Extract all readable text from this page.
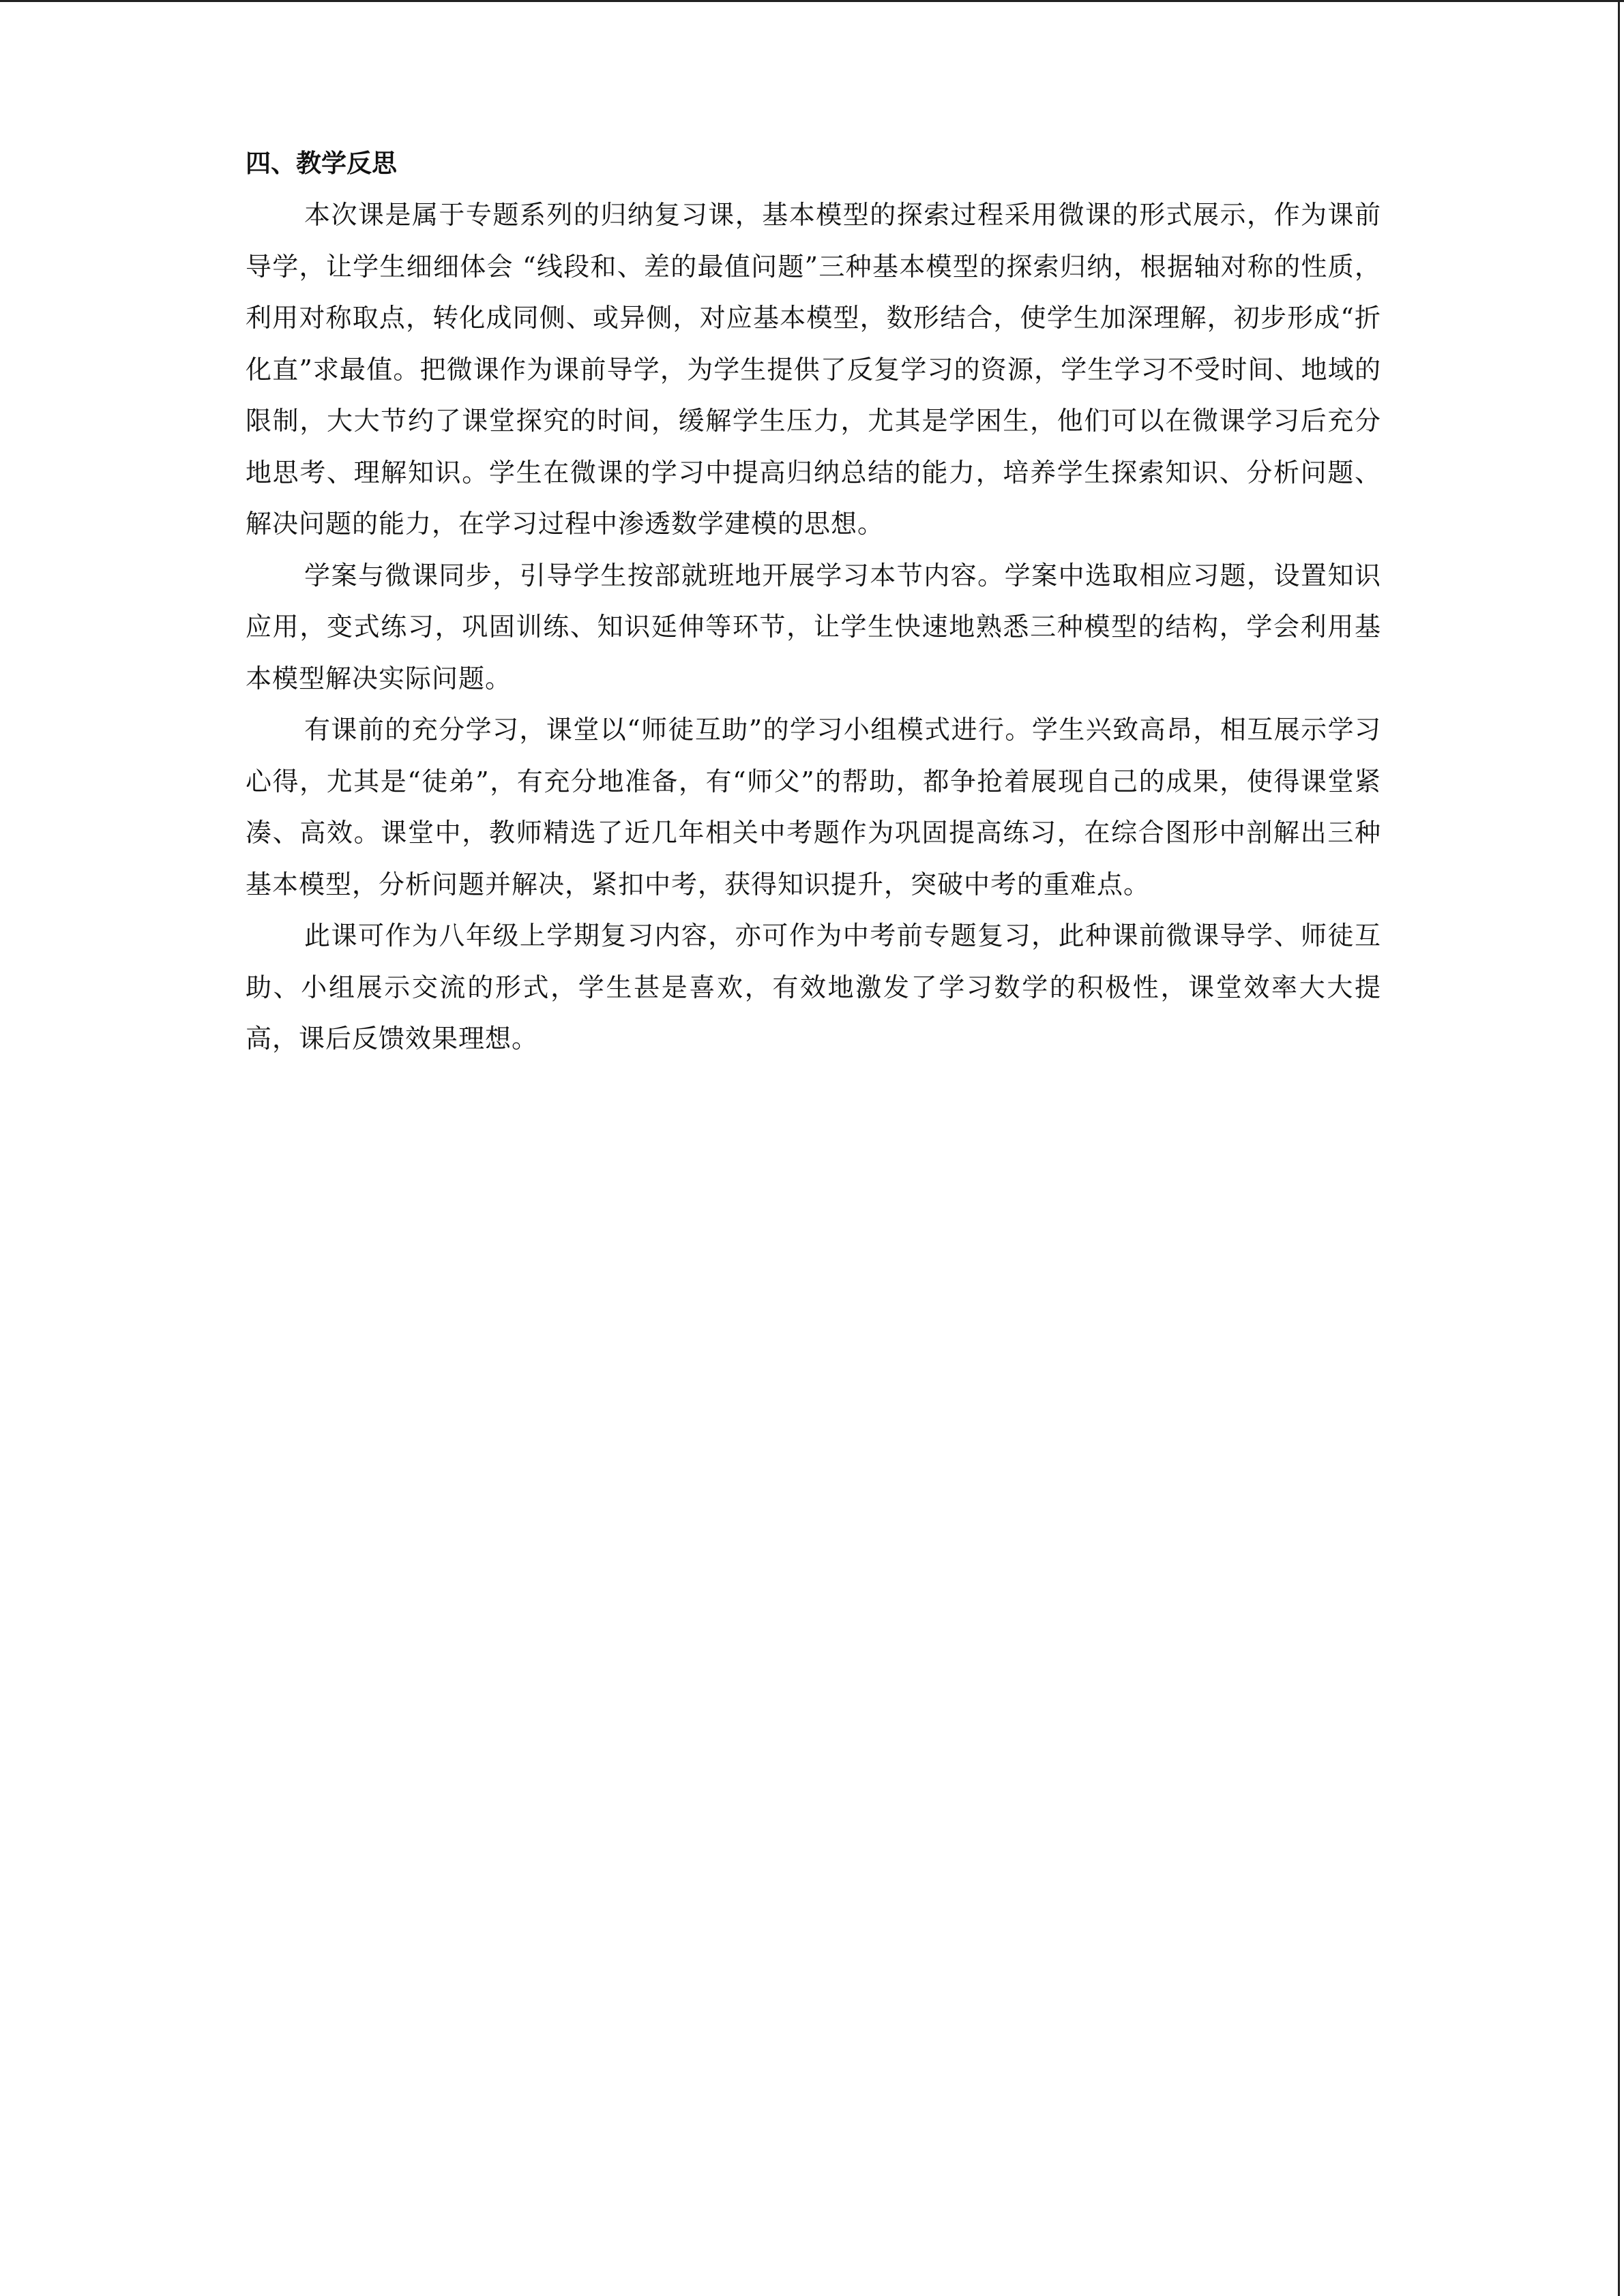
四、教学反思

本次课是属于专题系列的归纳复习课，基本模型的探索过程采用微课的形式展示，作为课前导学，让学生细细体会 “线段和、差的最值问题”三种基本模型的探索归纳，根据轴对称的性质，利用对称取点，转化成同侧、或异侧，对应基本模型，数形结合，使学生加深理解，初步形成“折化直”求最值。把微课作为课前导学，为学生提供了反复学习的资源，学生学习不受时间、地域的限制，大大节约了课堂探究的时间，缓解学生压力，尤其是学困生，他们可以在微课学习后充分地思考、理解知识。学生在微课的学习中提高归纳总结的能力，培养学生探索知识、分析问题、解决问题的能力，在学习过程中渗透数学建模的思想。

学案与微课同步，引导学生按部就班地开展学习本节内容。学案中选取相应习题，设置知识应用，变式练习，巩固训练、知识延伸等环节，让学生快速地熟悉三种模型的结构，学会利用基本模型解决实际问题。

有课前的充分学习，课堂以“师徒互助”的学习小组模式进行。学生兴致高昂，相互展示学习心得，尤其是“徒弟”，有充分地准备，有“师父”的帮助，都争抢着展现自己的成果，使得课堂紧凑、高效。课堂中，教师精选了近几年相关中考题作为巩固提高练习，在综合图形中剖解出三种基本模型，分析问题并解决，紧扣中考，获得知识提升，突破中考的重难点。

此课可作为八年级上学期复习内容，亦可作为中考前专题复习，此种课前微课导学、师徒互助、小组展示交流的形式，学生甚是喜欢，有效地激发了学习数学的积极性，课堂效率大大提高，课后反馈效果理想。
